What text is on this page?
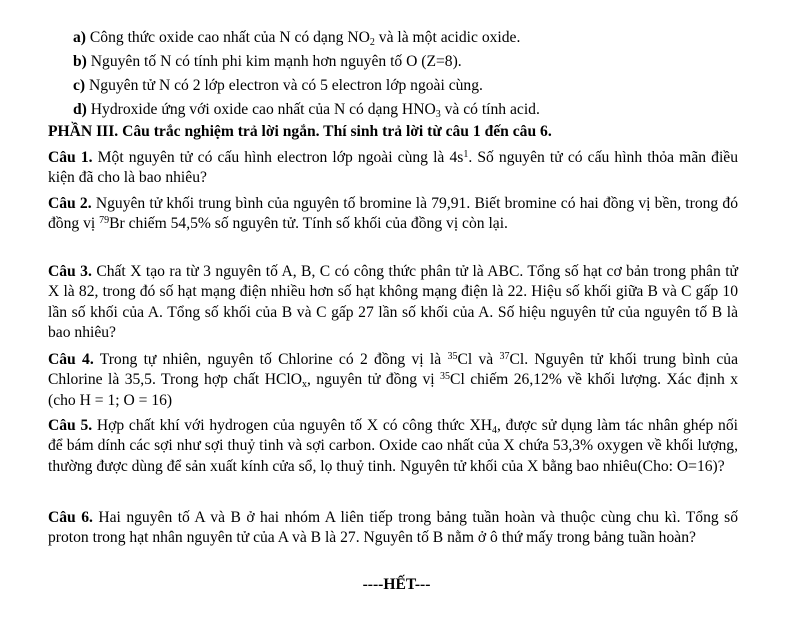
a) Công thức oxide cao nhất của N có dạng $NO_2$ và là một acidic oxide.
b) Nguyên tố N có tính phi kim mạnh hơn nguyên tố O (Z=8).
c) Nguyên tử N có 2 lớp electron và có 5 electron lớp ngoài cùng.
d) Hydroxide ứng với oxide cao nhất của N có dạng $HNO_3$ và có tính acid.
PHẦN III. Câu trắc nghiệm trả lời ngắn. Thí sinh trả lời từ câu 1 đến câu 6.
Câu 1. Một nguyên tử có cấu hình electron lớp ngoài cùng là $4s^1$. Số nguyên tử có cấu hình thỏa mãn điều kiện đã cho là bao nhiêu?
Câu 2. Nguyên tử khối trung bình của nguyên tố bromine là 79,91. Biết bromine có hai đồng vị bền, trong đó đồng vị $^{79}$Br chiếm 54,5% số nguyên tử. Tính số khối của đồng vị còn lại.
Câu 3. Chất X tạo ra từ 3 nguyên tố A, B, C có công thức phân tử là ABC. Tổng số hạt cơ bản trong phân tử X là 82, trong đó số hạt mạng điện nhiều hơn số hạt không mạng điện là 22. Hiệu số khối giữa B và C gấp 10 lần số khối của A. Tổng số khối của B và C gấp 27 lần số khối của A. Số hiệu nguyên tử của nguyên tố B là bao nhiêu?
Câu 4. Trong tự nhiên, nguyên tố Chlorine có 2 đồng vị là $^{35}$Cl và $^{37}$Cl. Nguyên tử khối trung bình của Chlorine là 35,5. Trong hợp chất HClO$_x$, nguyên tử đồng vị $^{35}$Cl chiếm 26,12% về khối lượng. Xác định x (cho H = 1; O = 16)
Câu 5. Hợp chất khí với hydrogen của nguyên tố X có công thức $XH_4$, được sử dụng làm tác nhân ghép nối để bám dính các sợi như sợi thuỷ tinh và sợi carbon. Oxide cao nhất của X chứa 53,3% oxygen về khối lượng, thường được dùng để sản xuất kính cửa sổ, lọ thuỷ tinh. Nguyên tử khối của X bằng bao nhiêu(Cho: O=16)?
Câu 6. Hai nguyên tố A và B ở hai nhóm A liên tiếp trong bảng tuần hoàn và thuộc cùng chu kì. Tổng số proton trong hạt nhân nguyên tử của A và B là 27. Nguyên tố B nằm ở ô thứ mấy trong bảng tuần hoàn?
----HẾT---
